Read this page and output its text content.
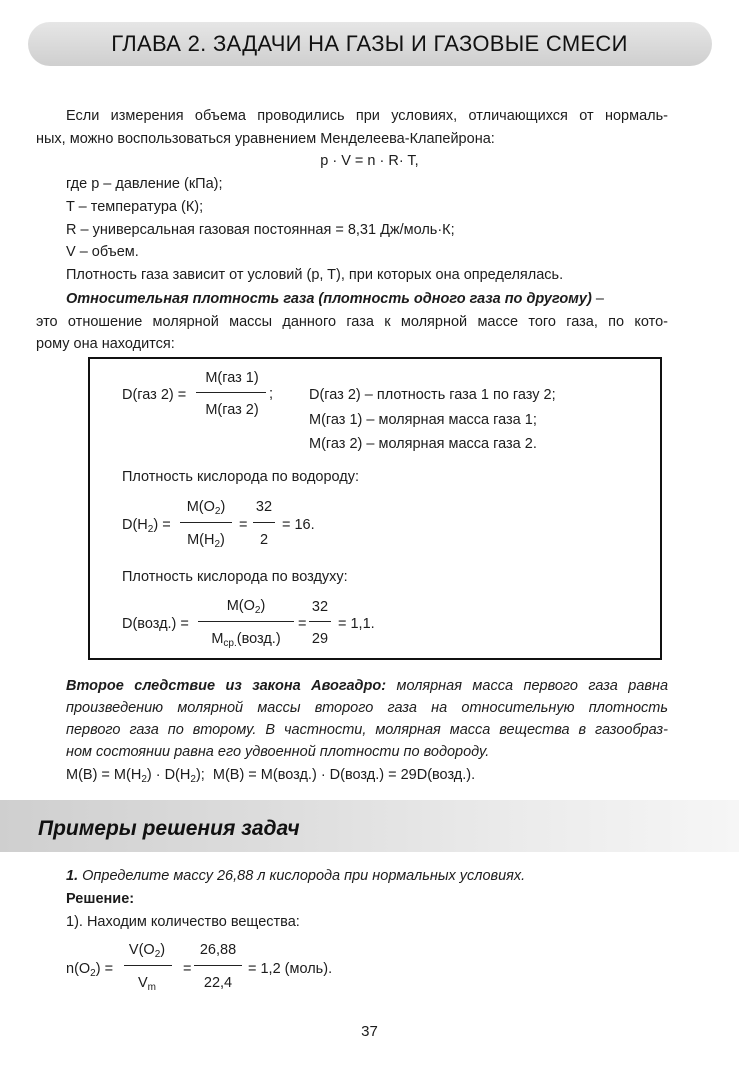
ГЛАВА 2. ЗАДАЧИ НА ГАЗЫ И ГАЗОВЫЕ СМЕСИ
Если измерения объема проводились при условиях, отличающихся от нормаль-
ных, можно воспользоваться уравнением Менделеева-Клапейрона:
p · V = n · R· T,
где p – давление (кПа);
T – температура (К);
R – универсальная газовая постоянная = 8,31 Дж/моль·К;
V – объем.
Плотность газа зависит от условий (p, T), при которых она определялась.
Относительная плотность газа (плотность одного газа по другому) –
это отношение молярной массы данного газа к молярной массе того газа, по кото-
рому она находится:
D(газ 2) =
M(газ 1)
M(газ 2)
; D(газ 2) – плотность газа 1 по газу 2;
M(газ 1) – молярная масса газа 1;
M(газ 2) – молярная масса газа 2.
Плотность кислорода по водороду:
$D(H_2)$ =
$M(O_2)$
$M(H_2)$
=
32
2
= 16.
Плотность кислорода по воздуху:
D(возд.) =
$M(O_2)$
$M_{ср.}(возд.)$
=
32
29
= 1,1.
Второе следствие из закона Авогадро: молярная масса первого газа равна
произведению молярной массы второго газа на относительную плотность
первого газа по второму. В частности, молярная масса вещества в газообраз-
ном состоянии равна его удвоенной плотности по водороду.
$M(B) = M(H_2) \cdot D(H_2)$; M(B) = M(возд.) · D(возд.) = 29D(возд.).
Примеры решения задач
1. Определите массу 26,88 л кислорода при нормальных условиях.
Решение:
1). Находим количество вещества:
$n(O_2)$ =
$V(O_2)$
$V_m$
=
26,88
22,4
= 1,2 (моль).
37
